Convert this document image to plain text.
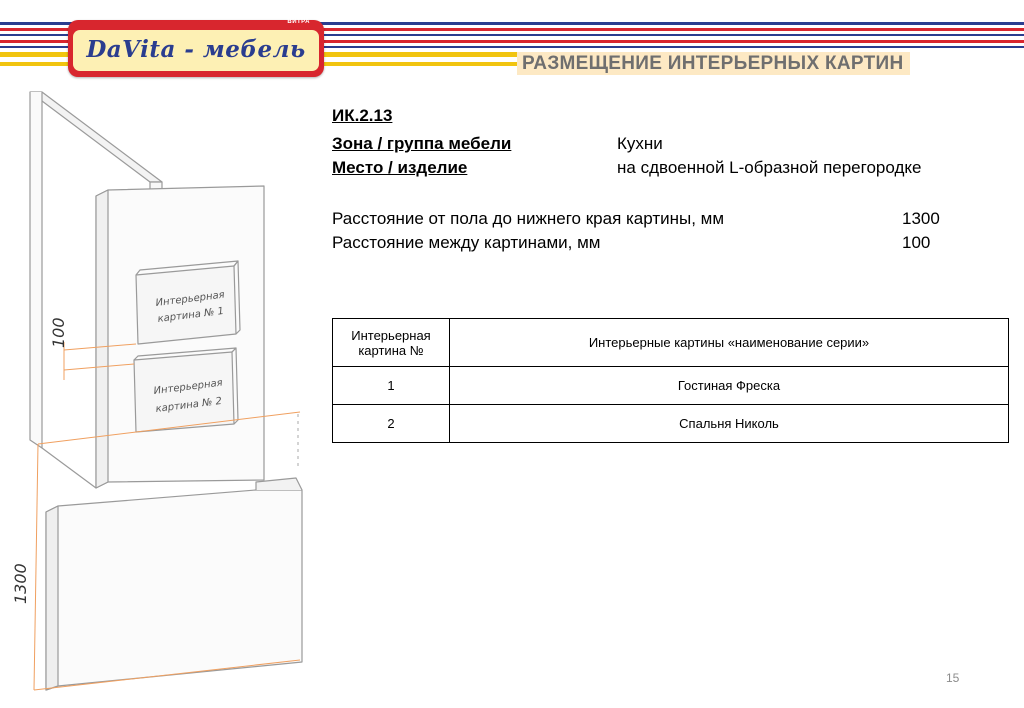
ВИТРА
DaVita - мебель
РАЗМЕЩЕНИЕ ИНТЕРЬЕРНЫХ КАРТИН
Интерьерная
картина № 1
Интерьерная
картина № 2
100
1300
ИК.2.13
Зона / группа мебели	Кухни
Место / изделие	на сдвоенной L-образной перегородке
Расстояние от пола до нижнего края картины, мм	1300
Расстояние между картинами, мм	100
Интерьерная картина №	Интерьерные картины «наименование серии»
1	Гостиная Фреска
2	Спальня Николь
15
